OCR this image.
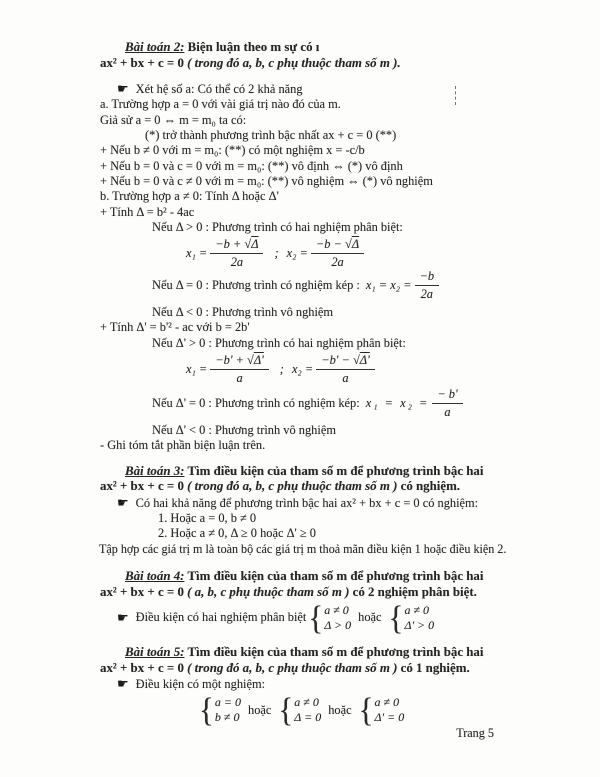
Bài toán 2: Biện luận theo m sự có ı
ax² + bx + c = 0 ( trong đó a, b, c phụ thuộc tham số m ).
☛ Xét hệ số a: Có thể có 2 khả năng
a. Trường hợp a = 0 với vài giá trị nào đó của m.
Giả sử a = 0 ⇔ m = m₀ ta có:
(*) trở thành phương trình bậc nhất ax + c = 0 (**)
+ Nếu b ≠ 0 với m = m₀: (**) có một nghiệm x = -c/b
+ Nếu b = 0 và c = 0 với m = m₀: (**) vô định ⇔ (*) vô định
+ Nếu b = 0 và c ≠ 0 với m = m₀: (**) vô nghiệm ⇔ (*) vô nghiệm
b. Trường hợp a ≠ 0: Tính Δ hoặc Δ'
+ Tính Δ = b² - 4ac
Nếu Δ > 0 : Phương trình có hai nghiệm phân biệt:
$x_1 = \frac{-b + √\Delta}{2a}$ ; $x_2 = \frac{-b - √\Delta}{2a}$
Nếu Δ = 0 : Phương trình có nghiệm kép : $x_1 = x_2 = \frac{-b}{2a}$
Nếu Δ < 0 : Phương trình vô nghiệm
+ Tính Δ' = b'² - ac với b = 2b'
Nếu Δ' > 0 : Phương trình có hai nghiệm phân biệt:
$x_1 = \frac{-b' + √\Delta'}{a}$ ; $x_2 = \frac{-b' - √\Delta'}{a}$
Nếu Δ' = 0 : Phương trình có nghiệm kép: $x_1 = x_2 = \frac{- b'}{a}$
Nếu Δ' < 0 : Phương trình vô nghiệm
- Ghi tóm tắt phần biện luận trên.
Bài toán 3: Tìm điều kiện của tham số m để phương trình bậc hai
ax² + bx + c = 0 ( trong đó a, b, c phụ thuộc tham số m ) có nghiệm.
☛ Có hai khả năng để phương trình bậc hai ax² + bx + c = 0 có nghiệm:
1. Hoặc a = 0, b ≠ 0
2. Hoặc a ≠ 0, Δ ≥ 0 hoặc Δ' ≥ 0
Tập hợp các giá trị m là toàn bộ các giá trị m thoả mãn điều kiện 1 hoặc điều kiện 2.
Bài toán 4: Tìm điều kiện của tham số m để phương trình bậc hai
ax² + bx + c = 0 ( a, b, c phụ thuộc tham số m ) có 2 nghiệm phân biệt.
☛ Điều kiện có hai nghiệm phân biệt { a ≠ 0
Δ > 0
hoặc { a ≠ 0
Δ' > 0
Bài toán 5: Tìm điều kiện của tham số m để phương trình bậc hai
ax² + bx + c = 0 ( trong đó a, b, c phụ thuộc tham số m ) có 1 nghiệm.
☛ Điều kiện có một nghiệm:
{ a = 0
b ≠ 0
hoặc { a ≠ 0
Δ = 0
hoặc { a ≠ 0
Δ' = 0
Trang 5
